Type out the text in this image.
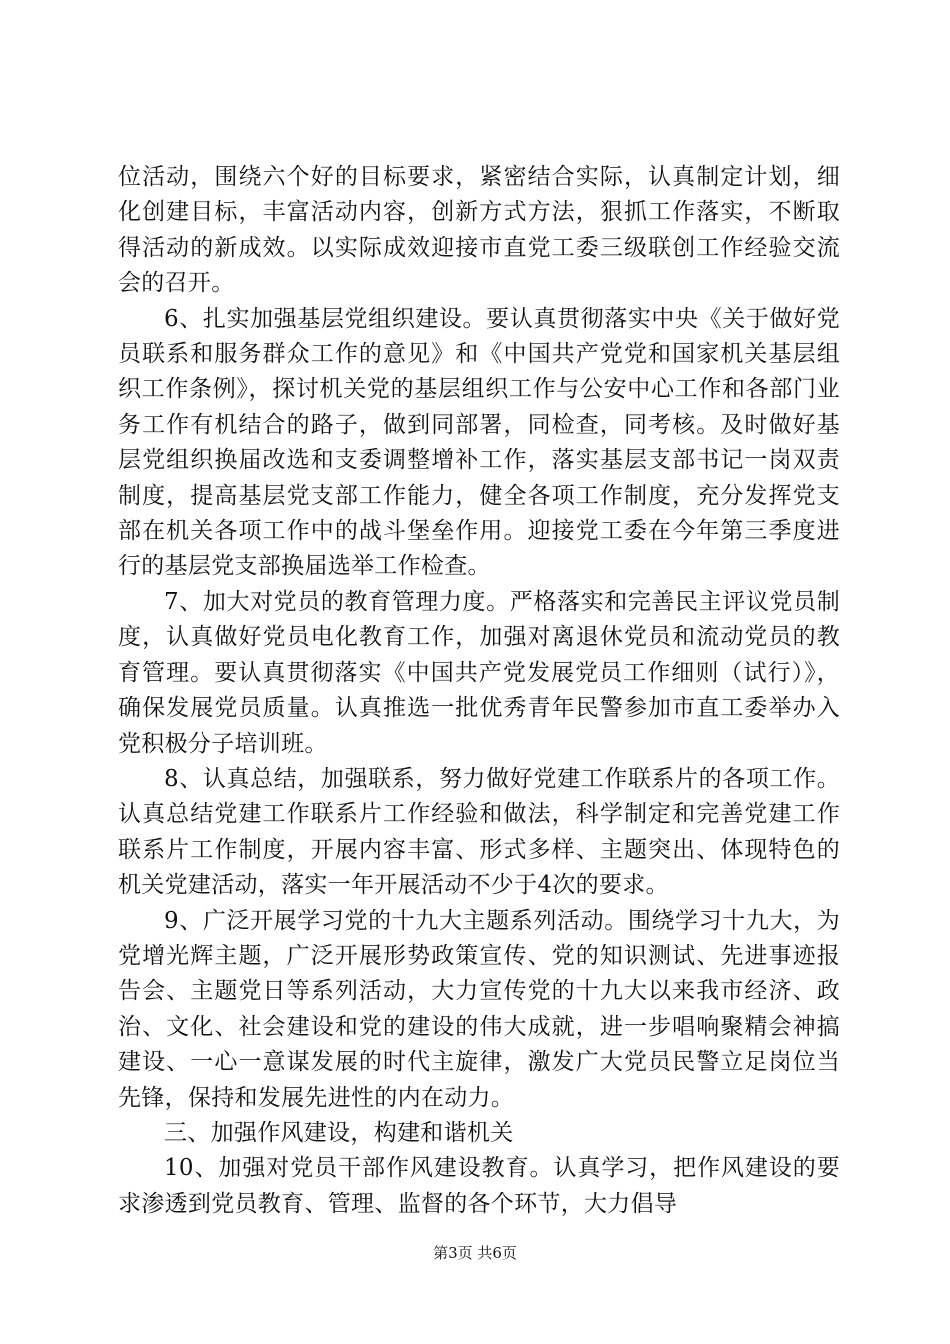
位活动，围绕六个好的目标要求，紧密结合实际，认真制定计划，细化创建目标，丰富活动内容，创新方式方法，狠抓工作落实，不断取得活动的新成效。以实际成效迎接市直党工委三级联创工作经验交流会的召开。

6、扎实加强基层党组织建设。要认真贯彻落实中央《关于做好党员联系和服务群众工作的意见》和《中国共产党党和国家机关基层组织工作条例》，探讨机关党的基层组织工作与公安中心工作和各部门业务工作有机结合的路子，做到同部署，同检查，同考核。及时做好基层党组织换届改选和支委调整增补工作，落实基层支部书记一岗双责制度，提高基层党支部工作能力，健全各项工作制度，充分发挥党支部在机关各项工作中的战斗堡垒作用。迎接党工委在今年第三季度进行的基层党支部换届选举工作检查。

7、加大对党员的教育管理力度。严格落实和完善民主评议党员制度，认真做好党员电化教育工作，加强对离退休党员和流动党员的教育管理。要认真贯彻落实《中国共产党发展党员工作细则（试行）》，确保发展党员质量。认真推选一批优秀青年民警参加市直工委举办入党积极分子培训班。

8、认真总结，加强联系，努力做好党建工作联系片的各项工作。认真总结党建工作联系片工作经验和做法，科学制定和完善党建工作联系片工作制度，开展内容丰富、形式多样、主题突出、体现特色的机关党建活动，落实一年开展活动不少于4次的要求。

9、广泛开展学习党的十九大主题系列活动。围绕学习十九大，为党增光辉主题，广泛开展形势政策宣传、党的知识测试、先进事迹报告会、主题党日等系列活动，大力宣传党的十九大以来我市经济、政治、文化、社会建设和党的建设的伟大成就，进一步唱响聚精会神搞建设、一心一意谋发展的时代主旋律，激发广大党员民警立足岗位当先锋，保持和发展先进性的内在动力。

三、加强作风建设，构建和谐机关

10、加强对党员干部作风建设教育。认真学习，把作风建设的要求渗透到党员教育、管理、监督的各个环节，大力倡导

第3页 共6页
